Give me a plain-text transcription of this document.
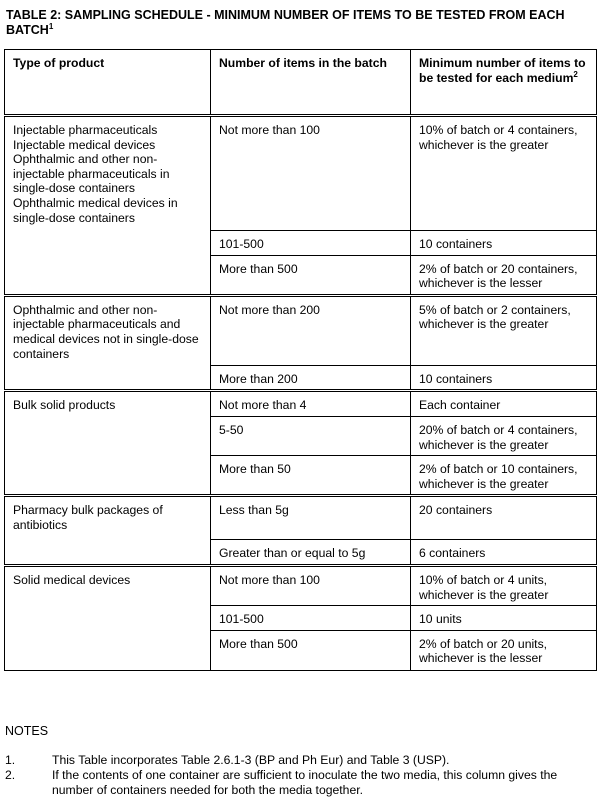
TABLE 2: SAMPLING SCHEDULE - MINIMUM NUMBER OF ITEMS TO BE TESTED FROM EACH BATCH$^1$
Type of product	Number of items in the batch	Minimum number of items to be tested for each medium$^2$

Injectable pharmaceuticals
Injectable medical devices
Ophthalmic and other non-injectable pharmaceuticals in single-dose containers
Ophthalmic medical devices in single-dose containers	Not more than 100	10% of batch or 4 containers, whichever is the greater
	101-500	10 containers
	More than 500	2% of batch or 20 containers, whichever is the lesser

Ophthalmic and other non-injectable pharmaceuticals and medical devices not in single-dose containers	Not more than 200	5% of batch or 2 containers, whichever is the greater
	More than 200	10 containers

Bulk solid products	Not more than 4	Each container
	5-50	20% of batch or 4 containers, whichever is the greater
	More than 50	2% of batch or 10 containers, whichever is the greater

Pharmacy bulk packages of antibiotics	Less than 5g	20 containers
	Greater than or equal to 5g	6 containers

Solid medical devices	Not more than 100	10% of batch or 4 units, whichever is the greater
	101-500	10 units
	More than 500	2% of batch or 20 units, whichever is the lesser
NOTES
1.	This Table incorporates Table 2.6.1-3 (BP and Ph Eur) and Table 3 (USP).
2.	If the contents of one container are sufficient to inoculate the two media, this column gives the number of containers needed for both the media together.
